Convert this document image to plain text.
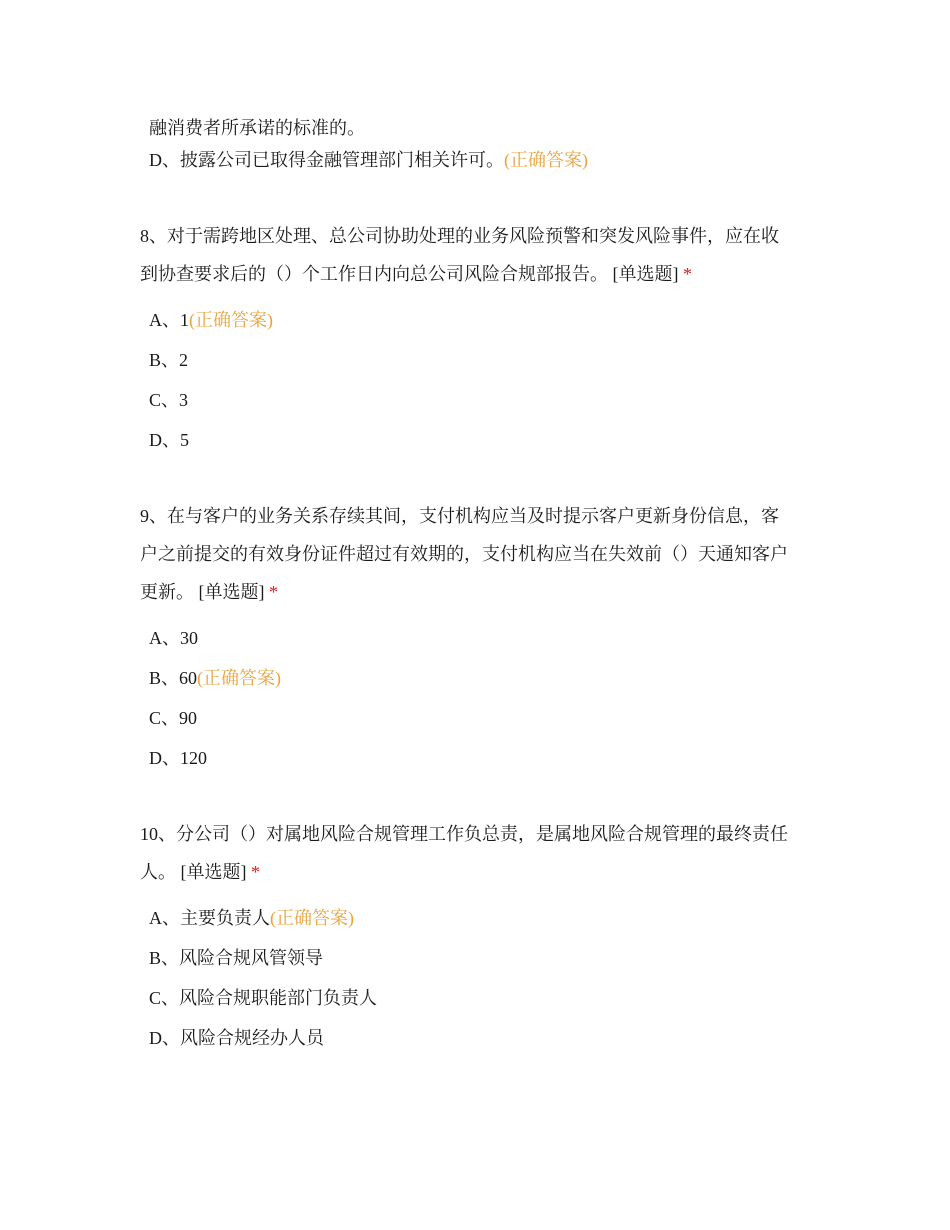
融消费者所承诺的标准的。
D、披露公司已取得金融管理部门相关许可。(正确答案)
8、对于需跨地区处理、总公司协助处理的业务风险预警和突发风险事件，应在收
到协查要求后的（）个工作日内向总公司风险合规部报告。 [单选题] *
A、1(正确答案)
B、2
C、3
D、5
9、在与客户的业务关系存续其间，支付机构应当及时提示客户更新身份信息，客
户之前提交的有效身份证件超过有效期的，支付机构应当在失效前（）天通知客户
更新。 [单选题] *
A、30
B、60(正确答案)
C、90
D、120
10、分公司（）对属地风险合规管理工作负总责，是属地风险合规管理的最终责任
人。 [单选题] *
A、主要负责人(正确答案)
B、风险合规风管领导
C、风险合规职能部门负责人
D、风险合规经办人员
